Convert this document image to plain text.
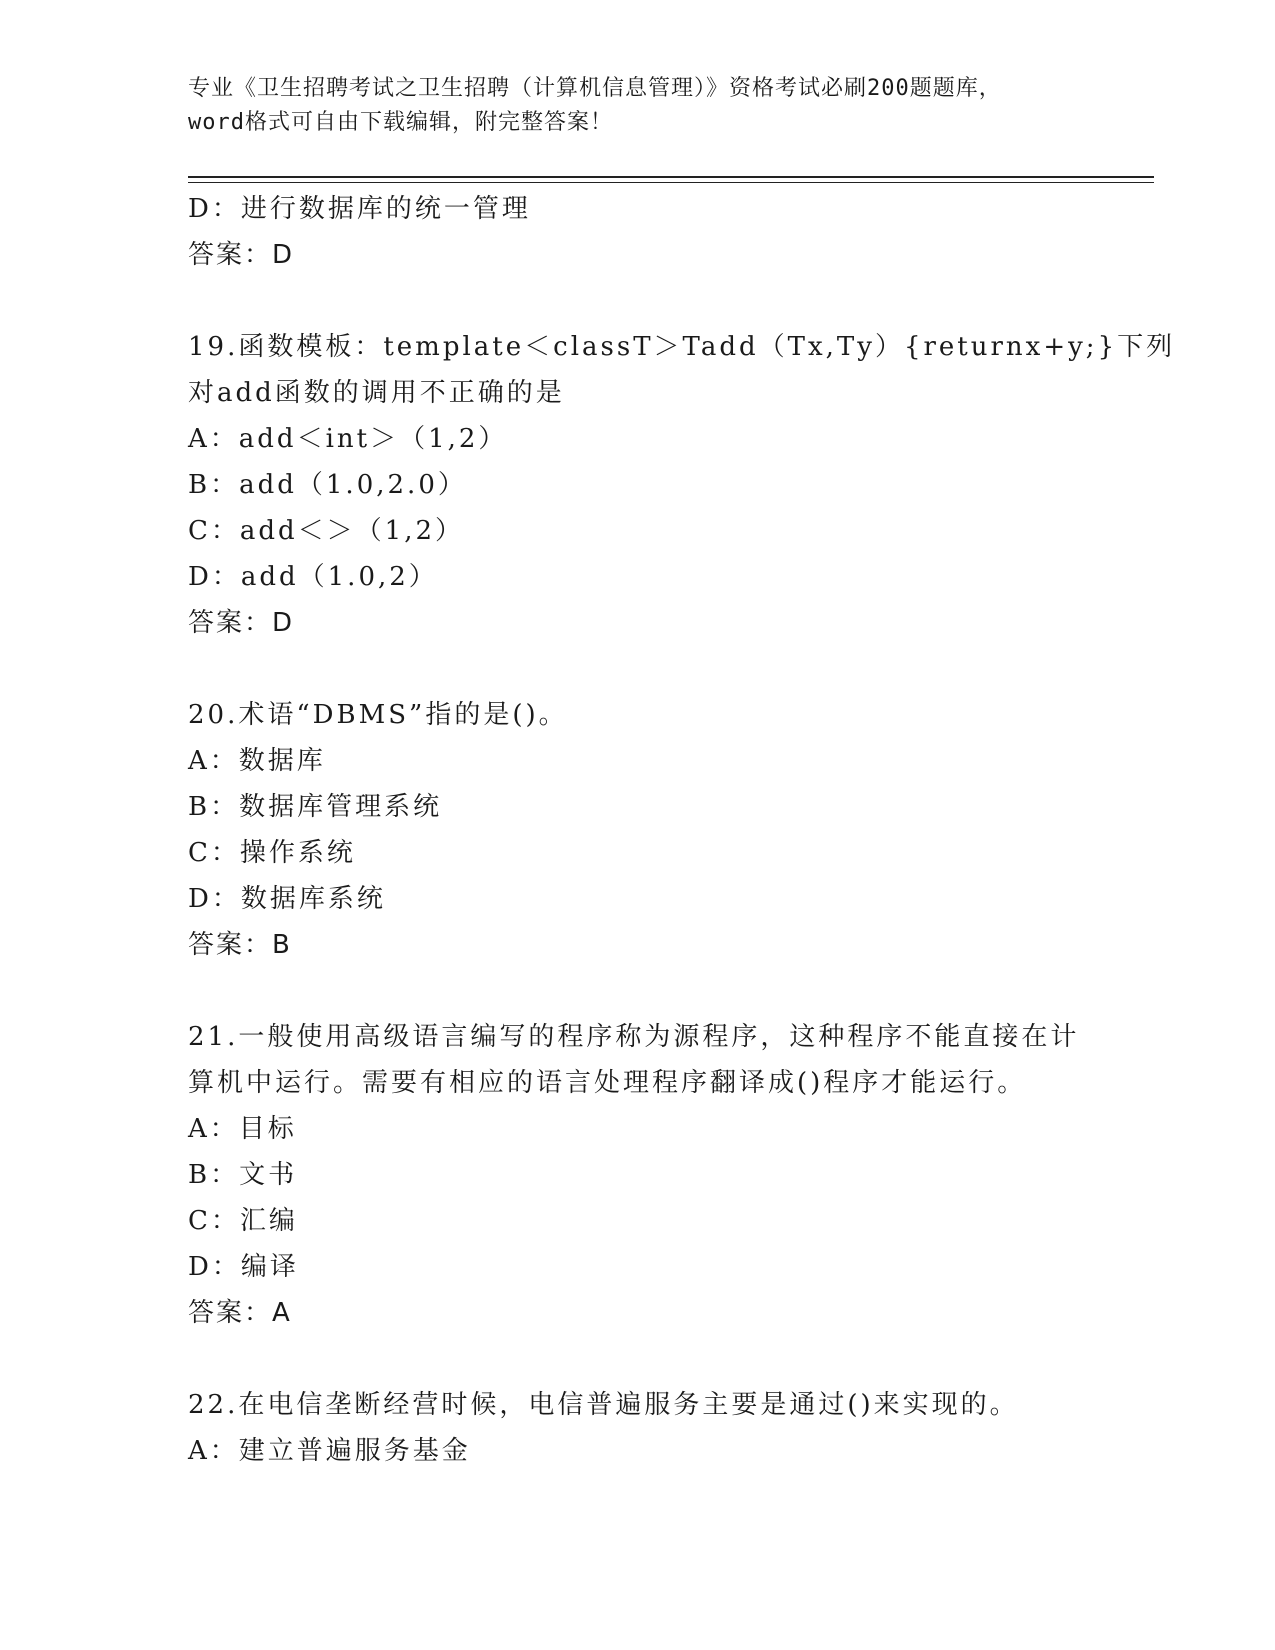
专业《卫生招聘考试之卫生招聘（计算机信息管理）》资格考试必刷200题题库，
word格式可自由下载编辑，附完整答案！
D：进行数据库的统一管理
答案：D
19.函数模板：template＜classT＞Tadd（Tx,Ty）{returnx+y;}下列
对add函数的调用不正确的是
A：add＜int＞（1,2）
B：add（1.0,2.0）
C：add＜＞（1,2）
D：add（1.0,2）
答案：D
20.术语“DBMS”指的是()。
A：数据库
B：数据库管理系统
C：操作系统
D：数据库系统
答案：B
21.一般使用高级语言编写的程序称为源程序，这种程序不能直接在计
算机中运行。需要有相应的语言处理程序翻译成()程序才能运行。
A：目标
B：文书
C：汇编
D：编译
答案：A
22.在电信垄断经营时候，电信普遍服务主要是通过()来实现的。
A：建立普遍服务基金
